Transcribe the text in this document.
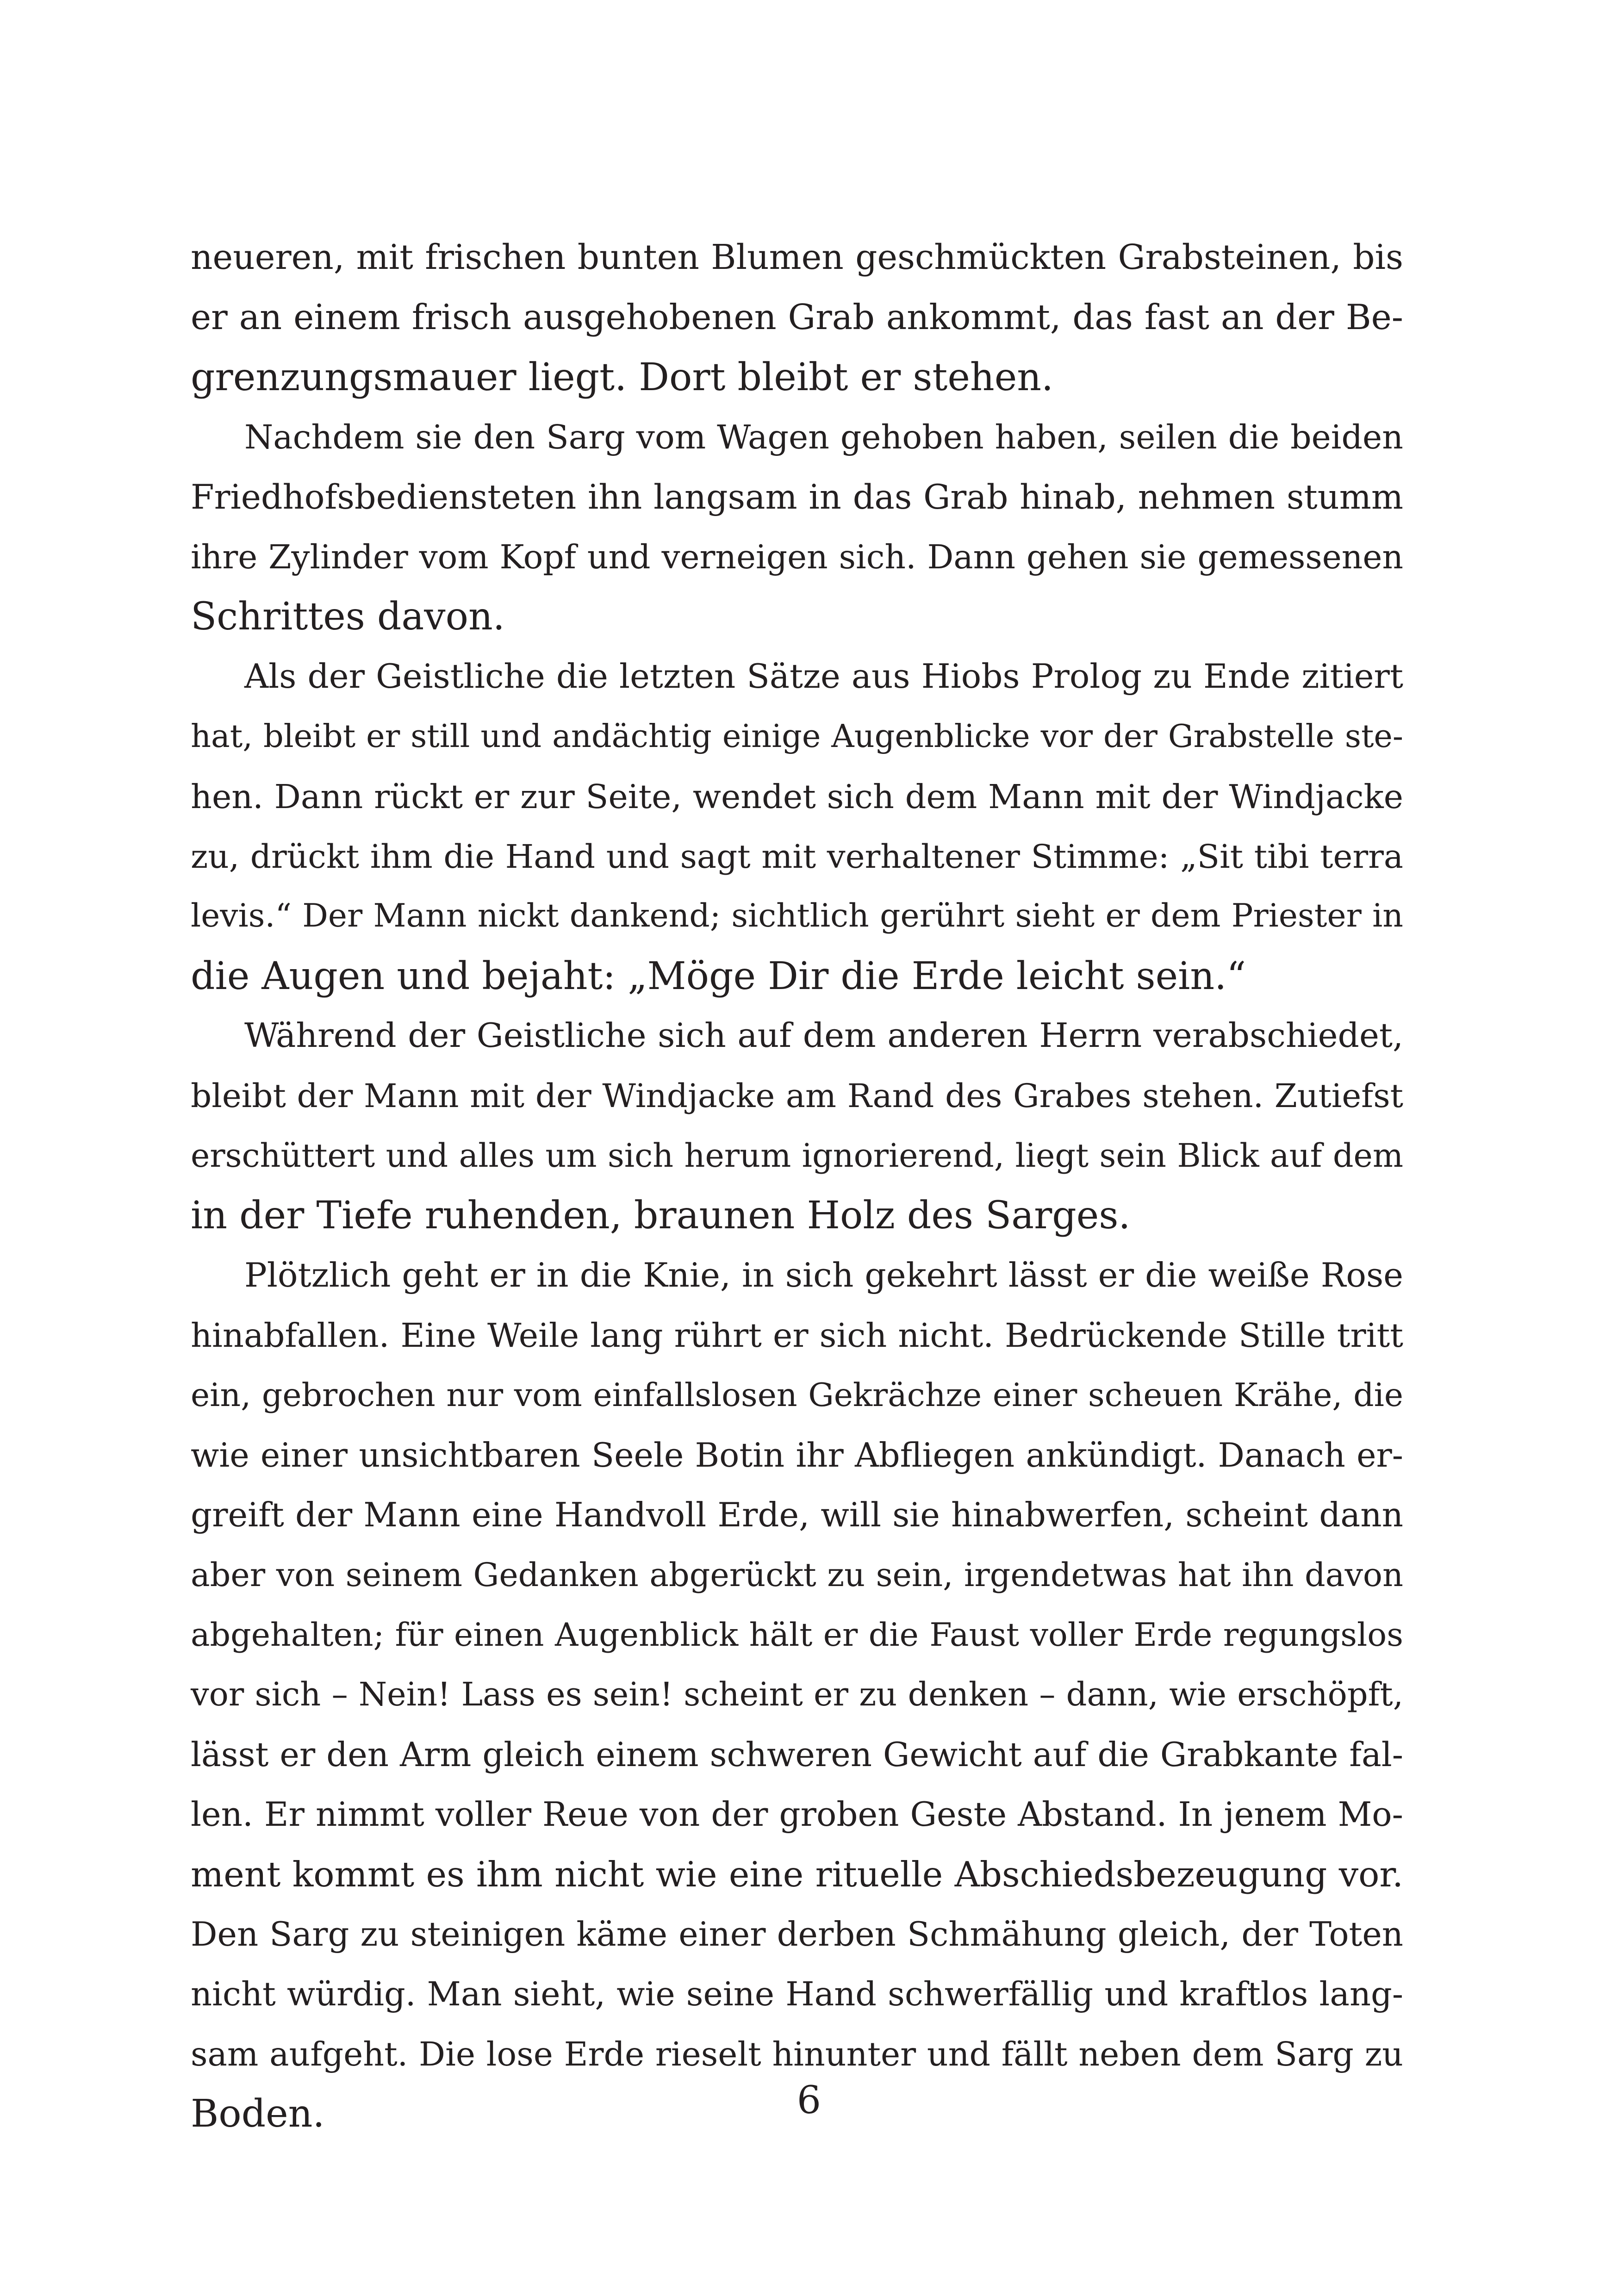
neueren, mit frischen bunten Blumen geschmückten Grabsteinen, bis
er an einem frisch ausgehobenen Grab ankommt, das fast an der Be-
grenzungsmauer liegt. Dort bleibt er stehen.
Nachdem sie den Sarg vom Wagen gehoben haben, seilen die beiden
Friedhofsbediensteten ihn langsam in das Grab hinab, nehmen stumm
ihre Zylinder vom Kopf und verneigen sich. Dann gehen sie gemessenen
Schrittes davon.
Als der Geistliche die letzten Sätze aus Hiobs Prolog zu Ende zitiert
hat, bleibt er still und andächtig einige Augenblicke vor der Grabstelle ste-
hen. Dann rückt er zur Seite, wendet sich dem Mann mit der Windjacke
zu, drückt ihm die Hand und sagt mit verhaltener Stimme: „Sit tibi terra
levis.“ Der Mann nickt dankend; sichtlich gerührt sieht er dem Priester in
die Augen und bejaht: „Möge Dir die Erde leicht sein.“
Während der Geistliche sich auf dem anderen Herrn verabschiedet,
bleibt der Mann mit der Windjacke am Rand des Grabes stehen. Zutiefst
erschüttert und alles um sich herum ignorierend, liegt sein Blick auf dem
in der Tiefe ruhenden, braunen Holz des Sarges.
Plötzlich geht er in die Knie, in sich gekehrt lässt er die weiße Rose
hinabfallen. Eine Weile lang rührt er sich nicht. Bedrückende Stille tritt
ein, gebrochen nur vom einfallslosen Gekrächze einer scheuen Krähe, die
wie einer unsichtbaren Seele Botin ihr Abfliegen ankündigt. Danach er-
greift der Mann eine Handvoll Erde, will sie hinabwerfen, scheint dann
aber von seinem Gedanken abgerückt zu sein, irgendetwas hat ihn davon
abgehalten; für einen Augenblick hält er die Faust voller Erde regungslos
vor sich – Nein! Lass es sein! scheint er zu denken – dann, wie erschöpft,
lässt er den Arm gleich einem schweren Gewicht auf die Grabkante fal-
len. Er nimmt voller Reue von der groben Geste Abstand. In jenem Mo-
ment kommt es ihm nicht wie eine rituelle Abschiedsbezeugung vor.
Den Sarg zu steinigen käme einer derben Schmähung gleich, der Toten
nicht würdig. Man sieht, wie seine Hand schwerfällig und kraftlos lang-
sam aufgeht. Die lose Erde rieselt hinunter und fällt neben dem Sarg zu
Boden.	6
